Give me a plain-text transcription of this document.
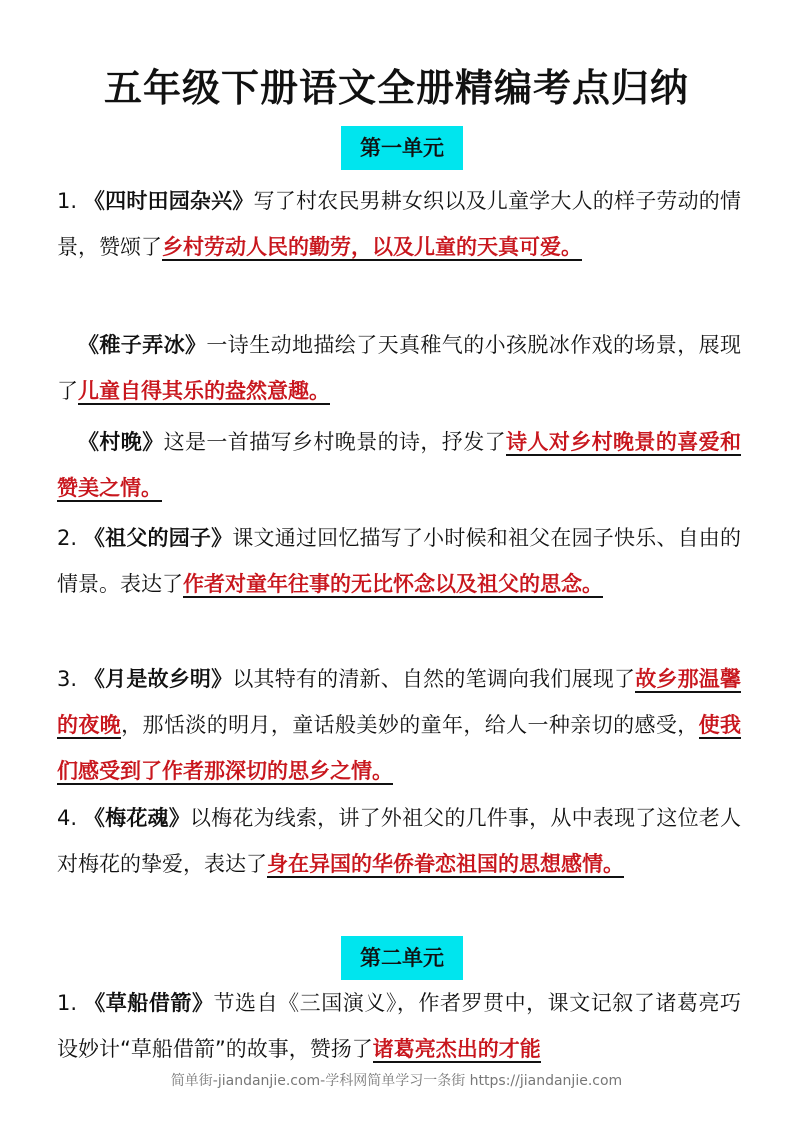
五年级下册语文全册精编考点归纳
第一单元
1. 《四时田园杂兴》写了村农民男耕女织以及儿童学大人的样子劳动的情景，赞颂了乡村劳动人民的勤劳，以及儿童的天真可爱。
《稚子弄冰》一诗生动地描绘了天真稚气的小孩脱冰作戏的场景，展现了儿童自得其乐的盎然意趣。
《村晚》这是一首描写乡村晚景的诗，抒发了诗人对乡村晚景的喜爱和赞美之情。
2. 《祖父的园子》课文通过回忆描写了小时候和祖父在园子快乐、自由的情景。表达了作者对童年往事的无比怀念以及祖父的思念。
3. 《月是故乡明》以其特有的清新、自然的笔调向我们展现了故乡那温馨的夜晚，那恬淡的明月，童话般美妙的童年，给人一种亲切的感受，使我们感受到了作者那深切的思乡之情。
4. 《梅花魂》以梅花为线索，讲了外祖父的几件事，从中表现了这位老人对梅花的挚爱，表达了身在异国的华侨眷恋祖国的思想感情。
第二单元
1. 《草船借箭》节选自《三国演义》，作者罗贯中，课文记叙了诸葛亮巧设妙计“草船借箭”的故事，赞扬了诸葛亮杰出的才能
简单街-jiandanjie.com-学科网简单学习一条街 https://jiandanjie.com
